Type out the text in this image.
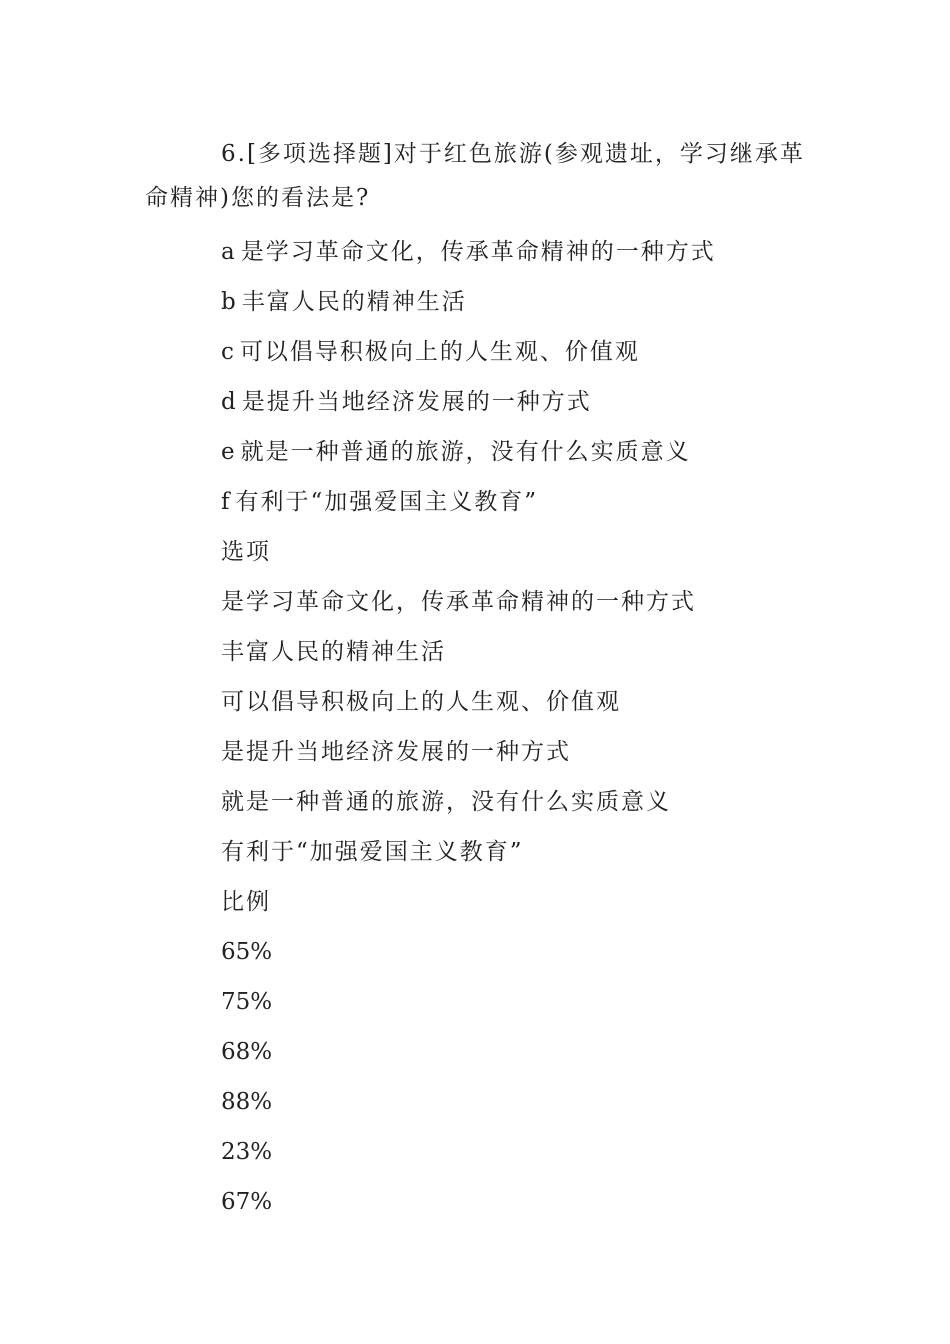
6.[多项选择题]对于红色旅游(参观遗址，学习继承革命精神)您的看法是?

a 是学习革命文化，传承革命精神的一种方式
b 丰富人民的精神生活
c 可以倡导积极向上的人生观、价值观
d 是提升当地经济发展的一种方式
e 就是一种普通的旅游，没有什么实质意义
f 有利于“加强爱国主义教育”
选项
是学习革命文化，传承革命精神的一种方式
丰富人民的精神生活
可以倡导积极向上的人生观、价值观
是提升当地经济发展的一种方式
就是一种普通的旅游，没有什么实质意义
有利于“加强爱国主义教育”
比例
65%
75%
68%
88%
23%
67%
